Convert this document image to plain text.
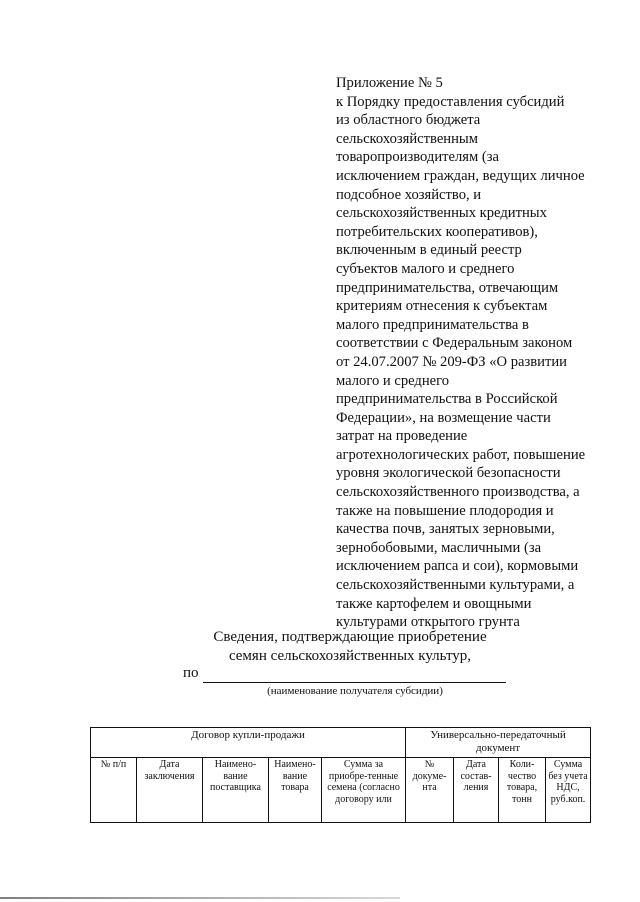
Приложение № 5
к Порядку предоставления субсидий
из областного бюджета
сельскохозяйственным
товаропроизводителям (за
исключением граждан, ведущих личное
подсобное хозяйство, и
сельскохозяйственных кредитных
потребительских кооперативов),
включенным в единый реестр
субъектов малого и среднего
предпринимательства, отвечающим
критериям отнесения к субъектам
малого предпринимательства в
соответствии с Федеральным законом
от 24.07.2007 № 209-ФЗ «О развитии
малого и среднего
предпринимательства в Российской
Федерации», на возмещение части
затрат на проведение
агротехнологических работ, повышение
уровня экологической безопасности
сельскохозяйственного производства, а
также на повышение плодородия и
качества почв, занятых зерновыми,
зернобобовыми, масличными (за
исключением рапса и сои), кормовыми
сельскохозяйственными культурами, а
также картофелем и овощными
культурами открытого грунта
Сведения, подтверждающие приобретение
семян сельскохозяйственных культур,
по
(наименование получателя субсидии)
Договор купли-продажи					Универсально-передаточный документ			
№ п/п	Дата заключения	Наимено-вание поставщика	Наимено-вание товара	Сумма за приобре-тенные семена (согласно договору или	№ докуме-нта	Дата состав-ления	Коли-чество товара, тонн	Сумма без учета НДС, руб.коп.
